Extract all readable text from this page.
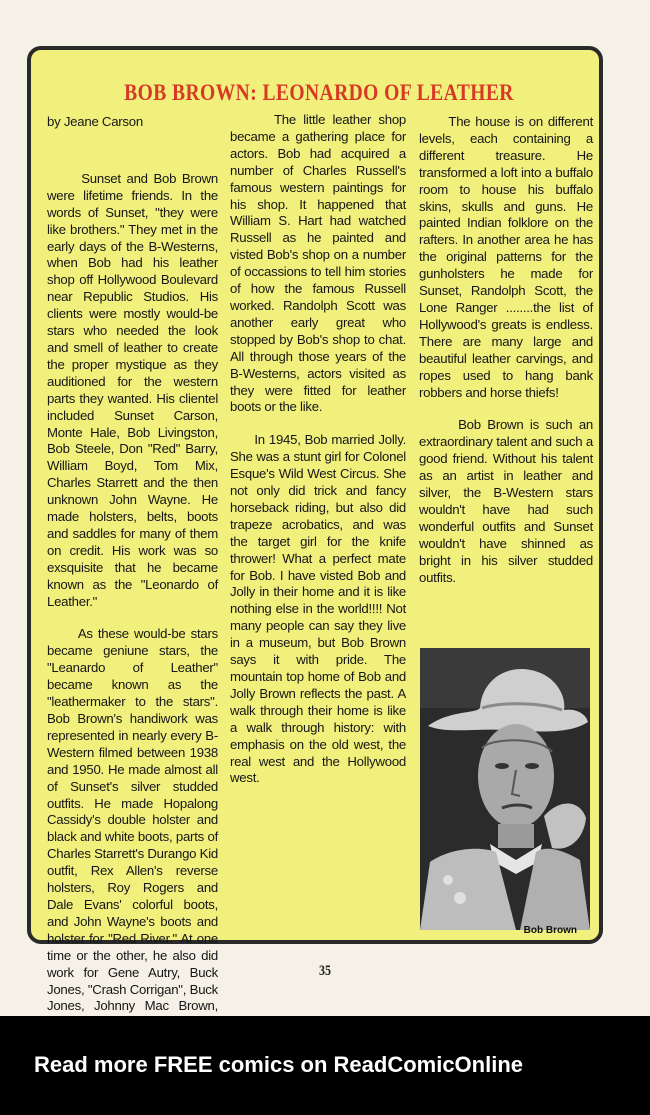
BOB BROWN: LEONARDO OF LEATHER

by Jeane Carson

Sunset and Bob Brown were lifetime friends. In the words of Sunset, "they were like brothers." They met in the early days of the B-Westerns, when Bob had his leather shop off Hollywood Boulevard near Republic Studios. His clients were mostly would-be stars who needed the look and smell of leather to create the proper mystique as they auditioned for the western parts they wanted. His clientel included Sunset Carson, Monte Hale, Bob Livingston, Bob Steele, Don "Red" Barry, William Boyd, Tom Mix, Charles Starrett and the then unknown John Wayne. He made holsters, belts, boots and saddles for many of them on credit. His work was so exsquisite that he became known as the "Leonardo of Leather."

As these would-be stars became geniune stars, the "Leanardo of Leather" became known as the "leathermaker to the stars". Bob Brown's handiwork was represented in nearly every B-Western filmed between 1938 and 1950. He made almost all of Sunset's silver studded outfits. He made Hopalong Cassidy's double holster and black and white boots, parts of Charles Starrett's Durango Kid outfit, Rex Allen's reverse holsters, Roy Rogers and Dale Evans' colorful boots, and John Wayne's boots and holster for "Red River." At one time or the other, he also did work for Gene Autry, Buck Jones, "Crash Corrigan", Buck Jones, Johnny Mac Brown,

The little leather shop became a gathering place for actors. Bob had acquired a number of Charles Russell's famous western paintings for his shop. It happened that William S. Hart had watched Russell as he painted and visted Bob's shop on a number of occassions to tell him stories of how the famous Russell worked. Randolph Scott was another early great who stopped by Bob's shop to chat. All through those years of the B-Westerns, actors visited as they were fitted for leather boots or the like.

In 1945, Bob married Jolly. She was a stunt girl for Colonel Esque's Wild West Circus. She not only did trick and fancy horseback riding, but also did trapeze acrobatics, and was the target girl for the knife thrower! What a perfect mate for Bob. I have visted Bob and Jolly in their home and it is like nothing else in the world!!!! Not many people can say they live in a museum, but Bob Brown says it with pride. The mountain top home of Bob and Jolly Brown reflects the past. A walk through their home is like a walk through history: with emphasis on the old west, the real west and the Hollywood west.

The house is on different levels, each containing a different treasure. He transformed a loft into a buffalo room to house his buffalo skins, skulls and guns. He painted Indian folklore on the rafters. In another area he has the original patterns for the gunholsters he made for Sunset, Randolph Scott, the Lone Ranger ........the list of Hollywood's greats is endless. There are many large and beautiful leather carvings, and ropes used to hang bank robbers and horse thiefs!

Bob Brown is such an extraordinary talent and such a good friend. Without his talent as an artist in leather and silver, the B-Western stars wouldn't have had such wonderful outfits and Sunset wouldn't have shinned as bright in his silver studded outfits.

Bob Brown
35
Read more FREE comics on ReadComicOnline
